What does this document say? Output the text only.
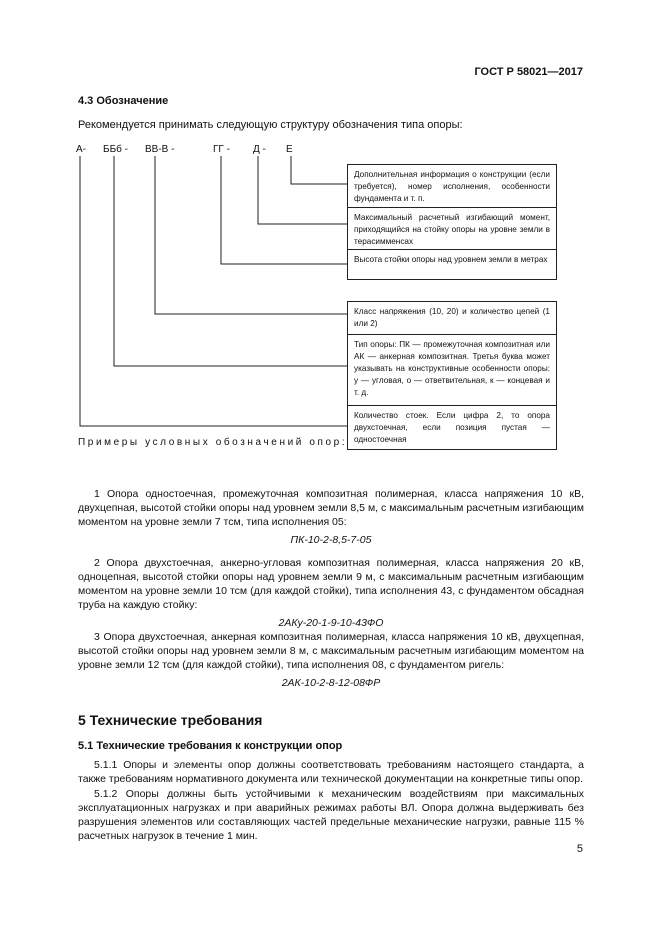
ГОСТ Р 58021—2017
4.3 Обозначение
Рекомендуется принимать следующую структуру обозначения типа опоры:
А- ББб - ВВ-В -	ГГ - Д - Е
Дополнительная информация о конструкции (если требуется), номер исполнения, особенности фундамента и т. п.
Максимальный расчетный изгибающий момент, приходящийся на стойку опоры на уровне земли в терасимменсах
Высота стойки опоры над уровнем земли в метрах
Класс напряжения (10, 20) и количество цепей (1 или 2)
Тип опоры: ПК — промежуточная композитная или АК — анкерная композитная. Третья буква может указывать на конструктивные особенности опоры: у — угловая, о — ответвительная, к — концевая и т. д.
Количество стоек. Если цифра 2, то опора двухстоечная, если позиция пустая — одностоечная
Примеры условных обозначений опор:

1 Опора одностоечная, промежуточная композитная полимерная, класса напряжения 10 кВ, двухцепная, высотой стойки опоры над уровнем земли 8,5 м, с максимальным расчетным изгибающим моментом на уровне земли 7 тсм, типа исполнения 05:

ПК-10-2-8,5-7-05

2 Опора двухстоечная, анкерно-угловая композитная полимерная, класса напряжения 20 кВ, одноцепная, высотой стойки опоры над уровнем земли 9 м, с максимальным расчетным изгибающим моментом на уровне земли 10 тсм (для каждой стойки), типа исполнения 43, с фундаментом обсадная труба на каждую стойку:

2АКу-20-1-9-10-43ФО

3 Опора двухстоечная, анкерная композитная полимерная, класса напряжения 10 кВ, двухцепная, высотой стойки опоры над уровнем земли 8 м, с максимальным расчетным изгибающим моментом на уровне земли 12 тсм (для каждой стойки), типа исполнения 08, с фундаментом ригель:

2АК-10-2-8-12-08ФР
5 Технические требования
5.1 Технические требования к конструкции опор

5.1.1 Опоры и элементы опор должны соответствовать требованиям настоящего стандарта, а также требованиям нормативного документа или технической документации на конкретные типы опор.

5.1.2 Опоры должны быть устойчивыми к механическим воздействиям при максимальных эксплуатационных нагрузках и при аварийных режимах работы ВЛ. Опора должна выдерживать без разрушения элементов или составляющих частей предельные механические нагрузки, равные 115 % расчетных нагрузок в течение 1 мин.

5
